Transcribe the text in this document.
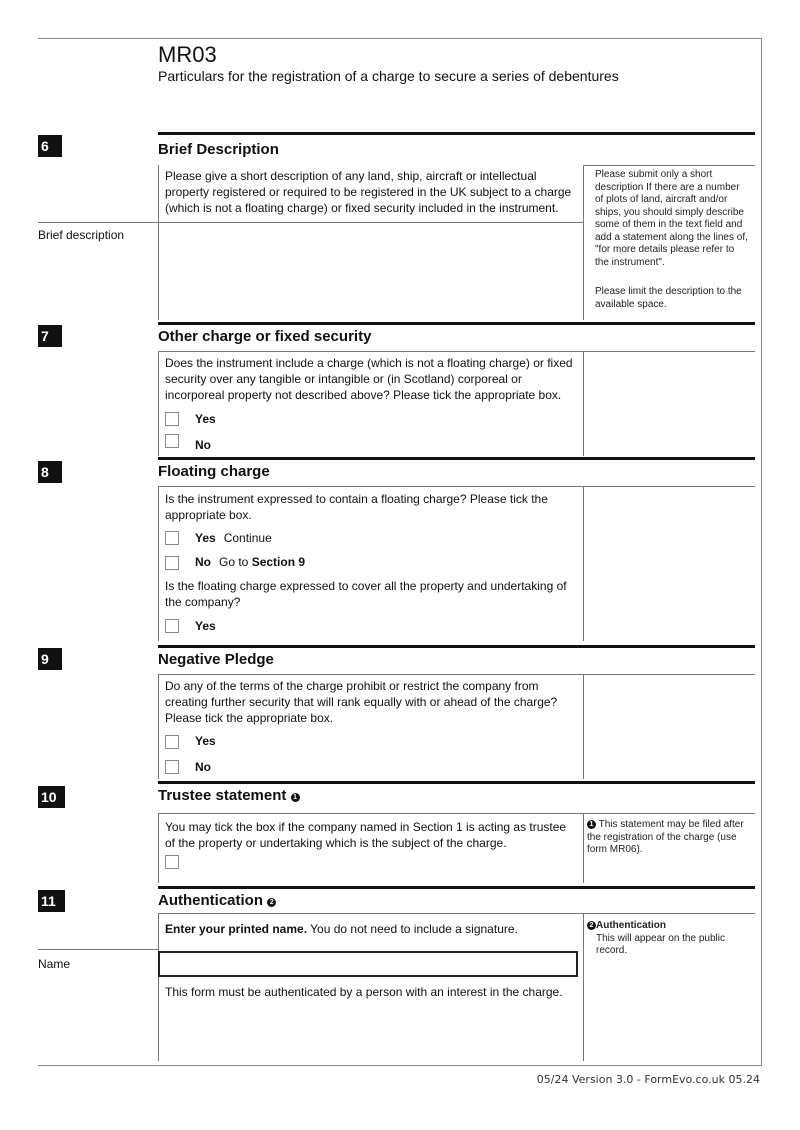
MR03
Particulars for the registration of a charge to secure a series of debentures
6	Brief Description
Please give a short description of any land, ship, aircraft or intellectual property registered or required to be registered in the UK subject to a charge (which is not a floating charge) or fixed security included in the instrument.
Brief description
Please submit only a short description If there are a number of plots of land, aircraft and/or ships, you should simply describe some of them in the text field and add a statement along the lines of, "for more details please refer to the instrument".
Please limit the description to the available space.
7	Other charge or fixed security
Does the instrument include a charge (which is not a floating charge) or fixed security over any tangible or intangible or (in Scotland) corporeal or incorporeal property not described above? Please tick the appropriate box.
Yes
No
8	Floating charge
Is the instrument expressed to contain a floating charge? Please tick the appropriate box.
Yes Continue
No Go to Section 9
Is the floating charge expressed to cover all the property and undertaking of the company?
Yes
9	Negative Pledge
Do any of the terms of the charge prohibit or restrict the company from creating further security that will rank equally with or ahead of the charge? Please tick the appropriate box.
Yes
No
10	Trustee statement 1
You may tick the box if the company named in Section 1 is acting as trustee of the property or undertaking which is the subject of the charge.
1 This statement may be filed after the registration of the charge (use form MR06).
11	Authentication 2
Enter your printed name. You do not need to include a signature.
Name
This form must be authenticated by a person with an interest in the charge.
2 Authentication
This will appear on the public record.
05/24 Version 3.0 - FormEvo.co.uk 05.24
